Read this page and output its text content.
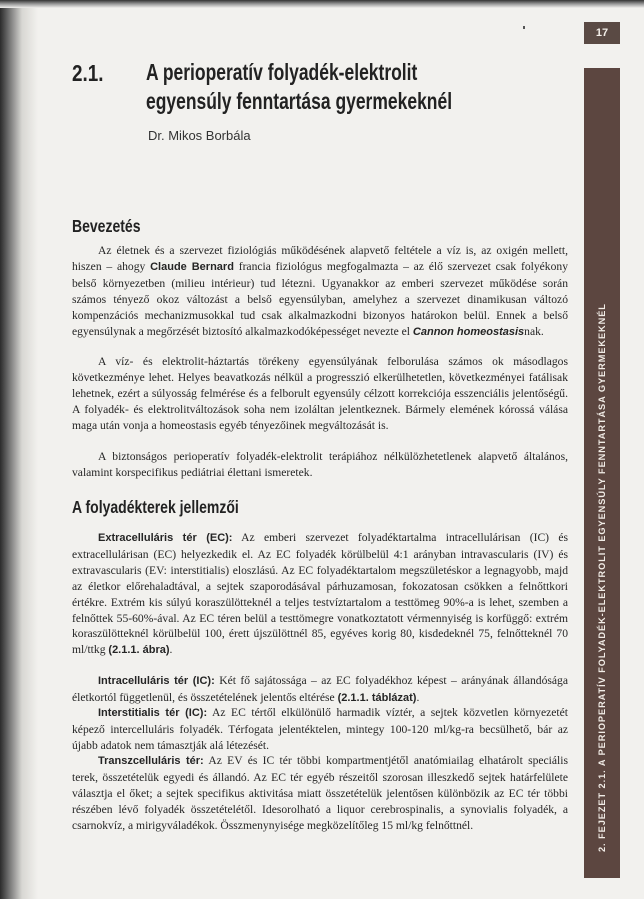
17
2. FEJEZET 2.1. A PERIOPERATÍV FOLYADÉK-ELEKTROLIT EGYENSÚLY FENNTARTÁSA GYERMEKEKNÉL
2.1. A perioperatív folyadék-elektrolit
egyensúly fenntartása gyermekeknél
Dr. Mikos Borbála
Bevezetés

Az életnek és a szervezet fiziológiás működésének alapvető feltétele a víz is, az oxigén mellett, hiszen – ahogy Claude Bernard francia fiziológus megfogalmazta – az élő szervezet csak folyékony belső környezetben (milieu intérieur) tud létezni. Ugyanakkor az emberi szervezet működése során számos tényező okoz változást a belső egyensúlyban, amelyhez a szervezet dinamikusan változó kompenzációs mechanizmusokkal tud csak alkalmazkodni bizonyos határokon belül. Ennek a belső egyensúlynak a megőrzését biztosító alkalmazkodóképességet nevezte el Cannon homeostasisnak.

A víz- és elektrolit-háztartás törékeny egyensúlyának felborulása számos ok másodlagos következménye lehet. Helyes beavatkozás nélkül a progresszió elkerülhetetlen, következményei fatálisak lehetnek, ezért a súlyosság felmérése és a felborult egyensúly célzott korrekciója esszenciális jelentőségű. A folyadék- és elektrolitváltozások soha nem izoláltan jelentkeznek. Bármely elemének kórossá válása maga után vonja a homeostasis egyéb tényezőinek megváltozását is.

A biztonságos perioperatív folyadék-elektrolit terápiához nélkülözhetetlenek alapvető általános, valamint korspecifikus pediátriai élettani ismeretek.

A folyadékterek jellemzői

Extracelluláris tér (EC): Az emberi szervezet folyadéktartalma intracellulárisan (IC) és extracellulárisan (EC) helyezkedik el. Az EC folyadék körülbelül 4:1 arányban intravascularis (IV) és extravascularis (EV: interstitialis) eloszlású. Az EC folyadéktartalom megszületéskor a legnagyobb, majd az életkor előrehaladtával, a sejtek szaporodásával párhuzamosan, fokozatosan csökken a felnőttkori értékre. Extrém kis súlyú koraszülötteknél a teljes testvíztartalom a testtömeg 90%-a is lehet, szemben a felnőttek 55-60%-ával. Az EC téren belül a testtömegre vonatkoztatott vérmennyiség is korfüggő: extrém koraszülötteknél körülbelül 100, érett újszülöttnél 85, egyéves korig 80, kisdedeknél 75, felnőtteknél 70 ml/ttkg (2.1.1. ábra).

Intracelluláris tér (IC): Két fő sajátossága – az EC folyadékhoz képest – arányának állandósága életkortól függetlenül, és összetételének jelentős eltérése (2.1.1. táblázat).

Interstitialis tér (IC): Az EC tértől elkülönülő harmadik víztér, a sejtek közvetlen környezetét képező intercelluláris folyadék. Térfogata jelentéktelen, mintegy 100-120 ml/kg-ra becsülhető, bár az újabb adatok nem támasztják alá létezését.

Transzcelluláris tér: Az EV és IC tér többi kompartmentjétől anatómiailag elhatárolt speciális terek, összetételük egyedi és állandó. Az EC tér egyéb részeitől szorosan illeszkedő sejtek határfelülete választja el őket; a sejtek specifikus aktivitása miatt összetételük jelentősen különbözik az EC tér többi részében lévő folyadék összetételétől. Idesorolható a liquor cerebrospinalis, a synovialis folyadék, a csarnokvíz, a mirigyváladékok. Összmenynyisége megközelítőleg 15 ml/kg felnőttnél.
